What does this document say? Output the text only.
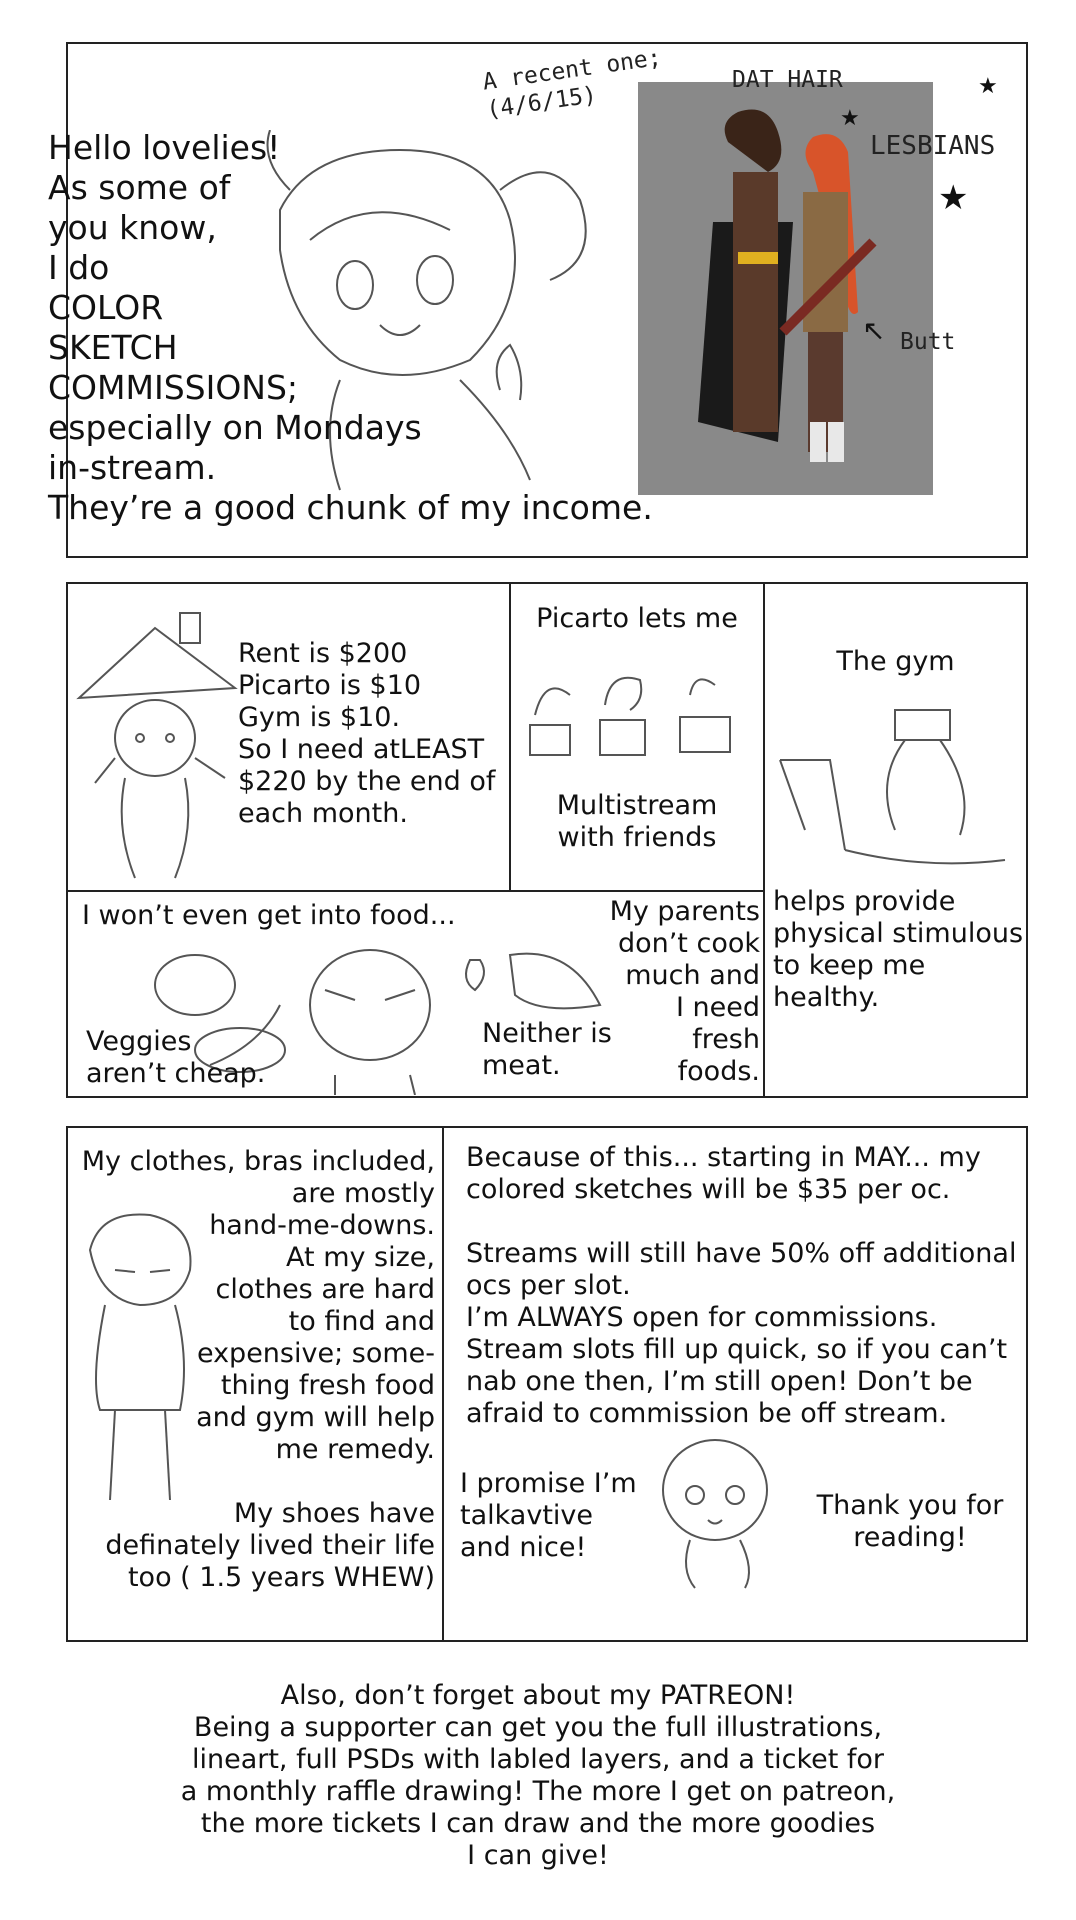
A recent one;
(4/6/15)
DAT HAIR
LESBIANS
Butt
★
★
★
↖
Hello lovelies!
As some of
you know,
I do
COLOR
SKETCH
COMMISSIONS;
especially on Mondays
in-stream.
They’re a good chunk of my income.
Rent is $200
Picarto is $10
Gym is $10.
So I need atLEAST
$220 by the end of
each month.
Picarto lets me
Multistream
with friends
The gym
helps provide
physical stimulous
to keep me
healthy.
I won’t even get into food...
Veggies
aren’t cheap.
Neither is
meat.
My parents
don’t cook
much and
I need
fresh
foods.
My clothes, bras included,
are mostly
hand-me-downs.
At my size,
clothes are hard
to find and
expensive; some-
thing fresh food
and gym will help
me remedy.

My shoes have
definately lived their life
too ( 1.5 years WHEW)
Because of this... starting in MAY... my
colored sketches will be $35 per oc.

Streams will still have 50% off additional
ocs per slot.
I’m ALWAYS open for commissions.
Stream slots fill up quick, so if you can’t
nab one then, I’m still open! Don’t be
afraid to commission be off stream.
I promise I’m
talkavtive
and nice!
Thank you for
reading!
Also, don’t forget about my PATREON!
Being a supporter can get you the full illustrations,
lineart, full PSDs with labled layers, and a ticket for
a monthly raffle drawing! The more I get on patreon,
the more tickets I can draw and the more goodies
I can give!
